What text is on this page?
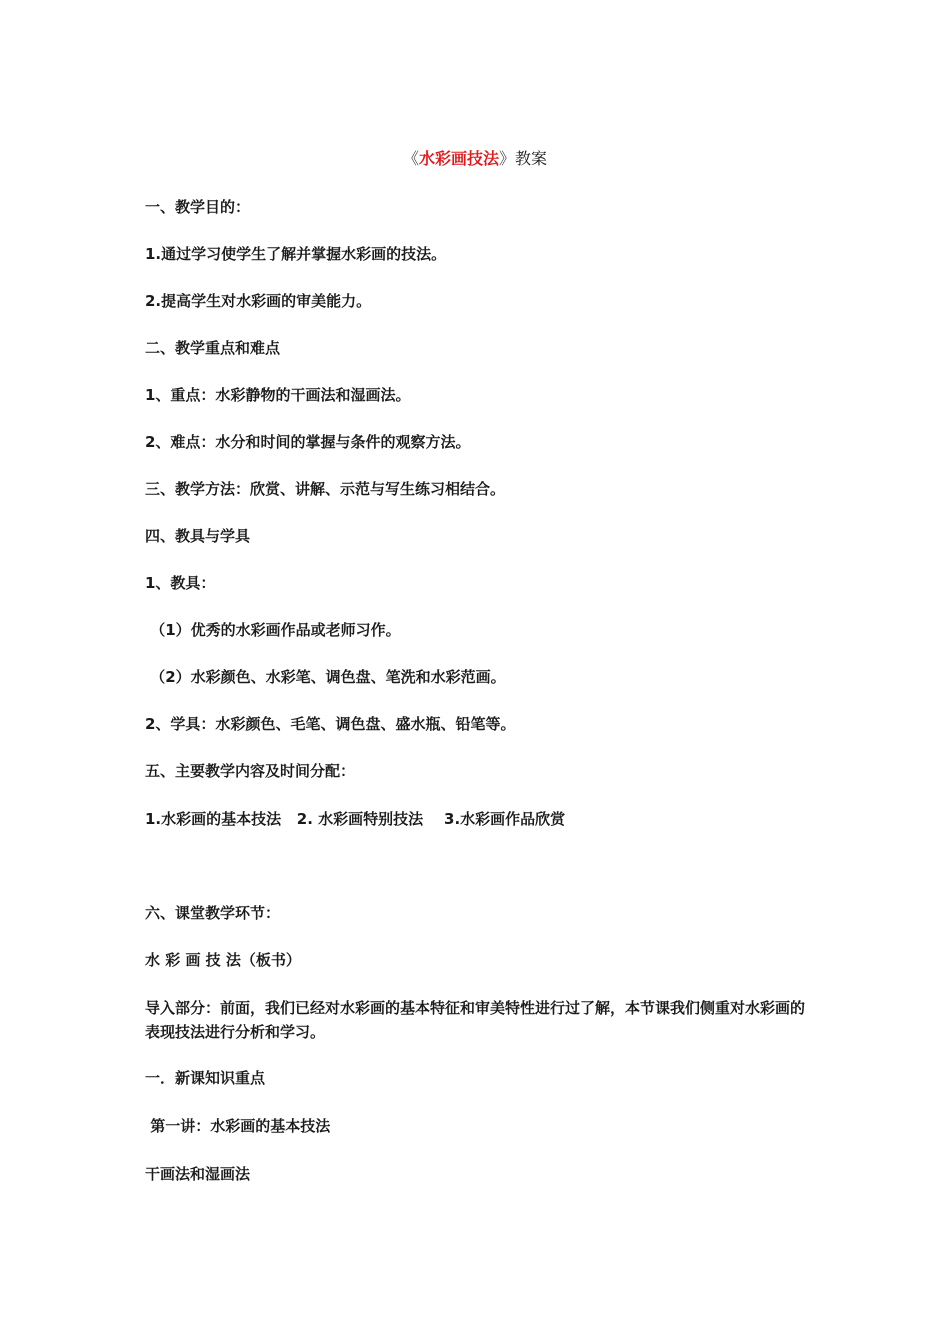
《水彩画技法》教案
一、教学目的：
1.通过学习使学生了解并掌握水彩画的技法。
2.提高学生对水彩画的审美能力。
二、教学重点和难点
1、重点：水彩静物的干画法和湿画法。
2、难点：水分和时间的掌握与条件的观察方法。
三、教学方法：欣赏、讲解、示范与写生练习相结合。
四、教具与学具
1、教具：
（1）优秀的水彩画作品或老师习作。
（2）水彩颜色、水彩笔、调色盘、笔洗和水彩范画。
2、学具：水彩颜色、毛笔、调色盘、盛水瓶、铅笔等。
五、主要教学内容及时间分配：
1.水彩画的基本技法   2. 水彩画特别技法    3.水彩画作品欣赏
六、课堂教学环节：
水 彩 画 技 法（板书）
导入部分：前面，我们已经对水彩画的基本特征和审美特性进行过了解，本节课我们侧重对水彩画的表现技法进行分析和学习。
一．新课知识重点
第一讲：水彩画的基本技法
干画法和湿画法
